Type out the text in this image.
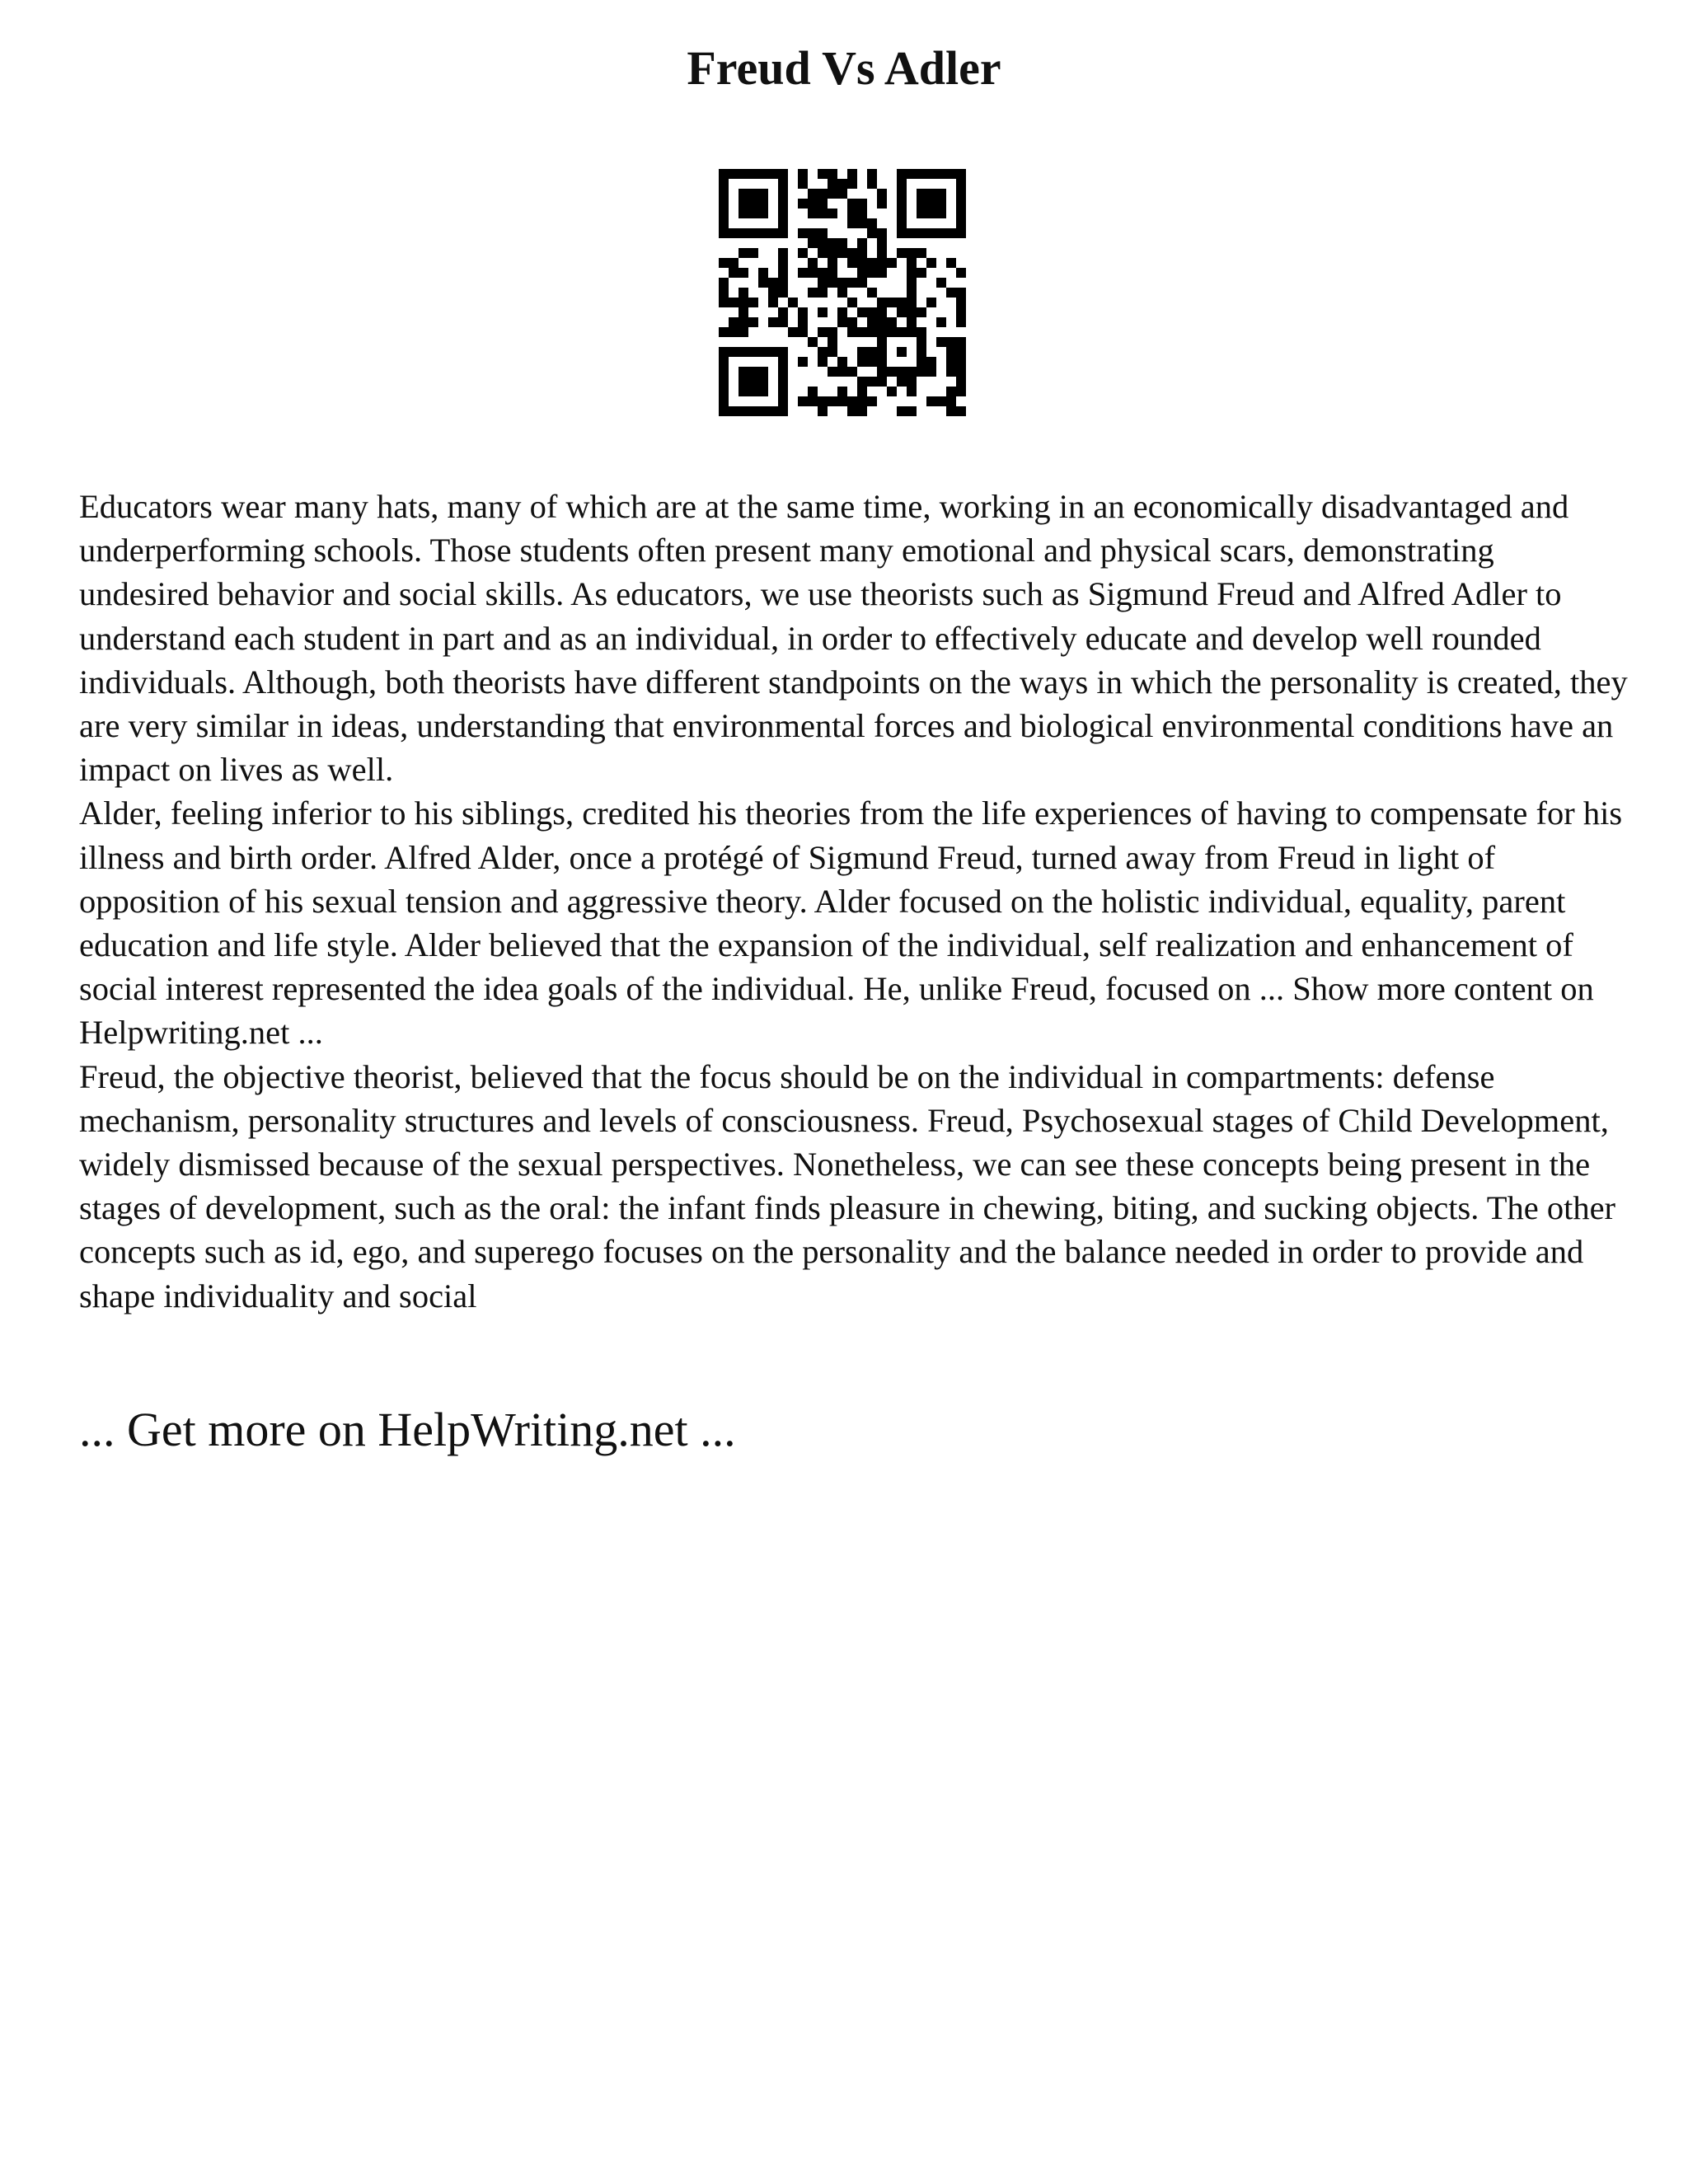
Freud Vs Adler

Educators wear many hats, many of which are at the same time, working in an economically disadvantaged and underperforming schools. Those students often present many emotional and physical scars, demonstrating undesired behavior and social skills. As educators, we use theorists such as Sigmund Freud and Alfred Adler to understand each student in part and as an individual, in order to effectively educate and develop well rounded individuals. Although, both theorists have different standpoints on the ways in which the personality is created, they are very similar in ideas, understanding that environmental forces and biological environmental conditions have an impact on lives as well.

Alder, feeling inferior to his siblings, credited his theories from the life experiences of having to compensate for his illness and birth order. Alfred Alder, once a protégé of Sigmund Freud, turned away from Freud in light of opposition of his sexual tension and aggressive theory. Alder focused on the holistic individual, equality, parent education and life style. Alder believed that the expansion of the individual, self realization and enhancement of social interest represented the idea goals of the individual. He, unlike Freud, focused on ... Show more content on Helpwriting.net ...

Freud, the objective theorist, believed that the focus should be on the individual in compartments: defense mechanism, personality structures and levels of consciousness. Freud, Psychosexual stages of Child Development, widely dismissed because of the sexual perspectives. Nonetheless, we can see these concepts being present in the stages of development, such as the oral: the infant finds pleasure in chewing, biting, and sucking objects. The other concepts such as id, ego, and superego focuses on the personality and the balance needed in order to provide and shape individuality and social

... Get more on HelpWriting.net ...
